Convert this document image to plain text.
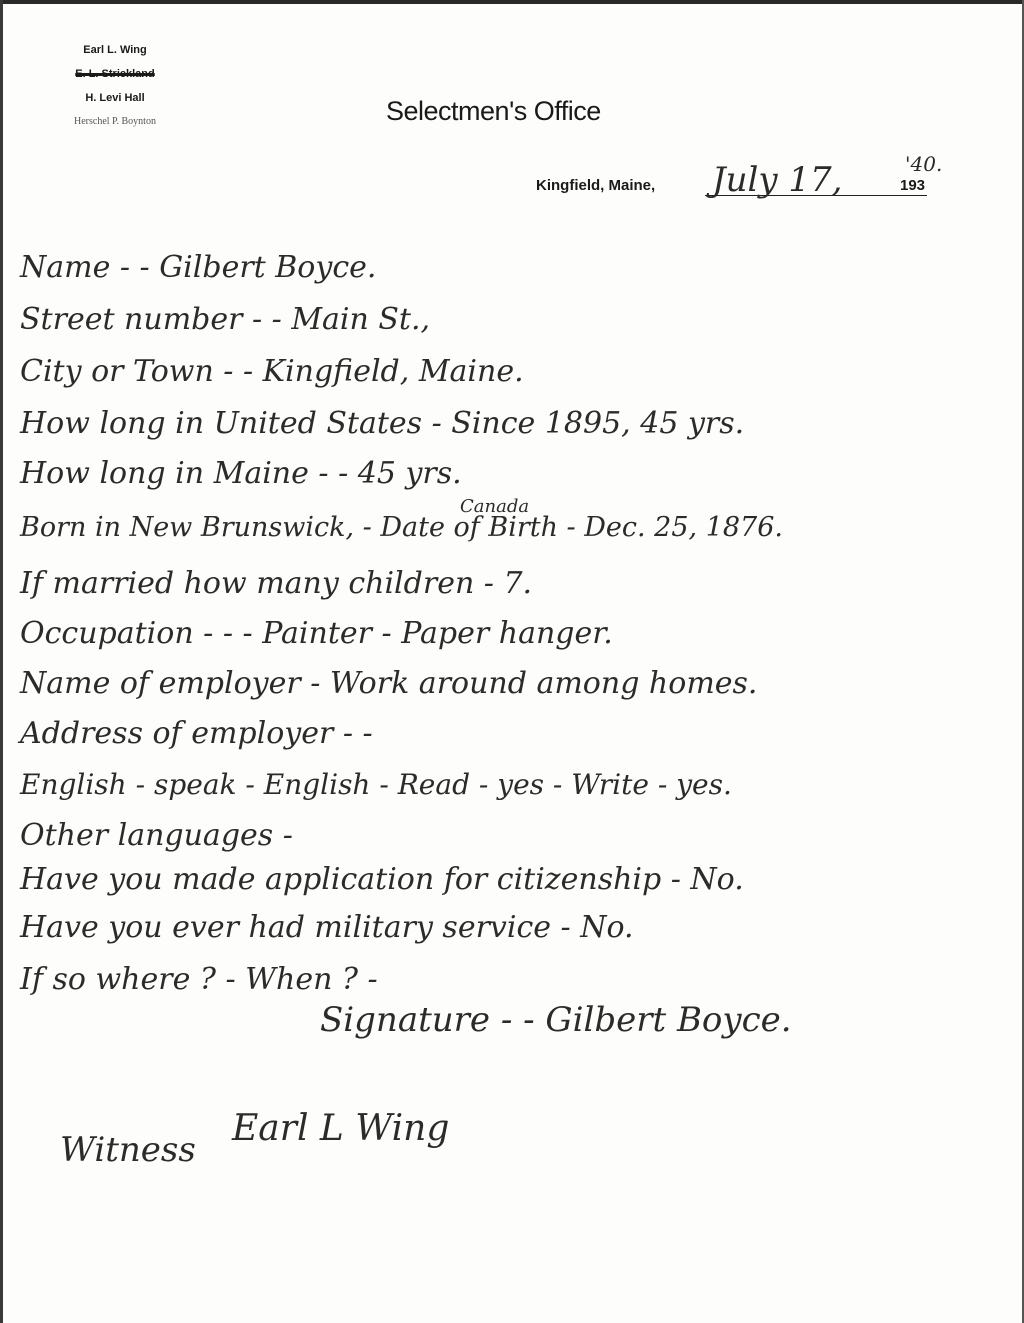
Earl L. Wing
E. L. Strickland
H. Levi Hall
Herschel P. Boynton	Selectmen's Office
Kingfield, Maine,	193
July 17,	'40.
Name - - Gilbert Boyce.
Street number - - Main St.,
City or Town - - Kingfield, Maine.
How long in United States - Since 1895, 45 yrs.
How long in Maine - - 45 yrs.
Born in New Brunswick, - Date of Birth - Dec. 25, 1876.
Canada
If married how many children - 7.
Occupation - - - Painter - Paper hanger.
Name of employer - Work around among homes.
Address of employer - -
English - speak - English - Read - yes - Write - yes.
Other languages -
Have you made application for citizenship - No.
Have you ever had military service - No.
If so where ? - When ? -
Signature - - Gilbert Boyce.
Witness
Earl L Wing
